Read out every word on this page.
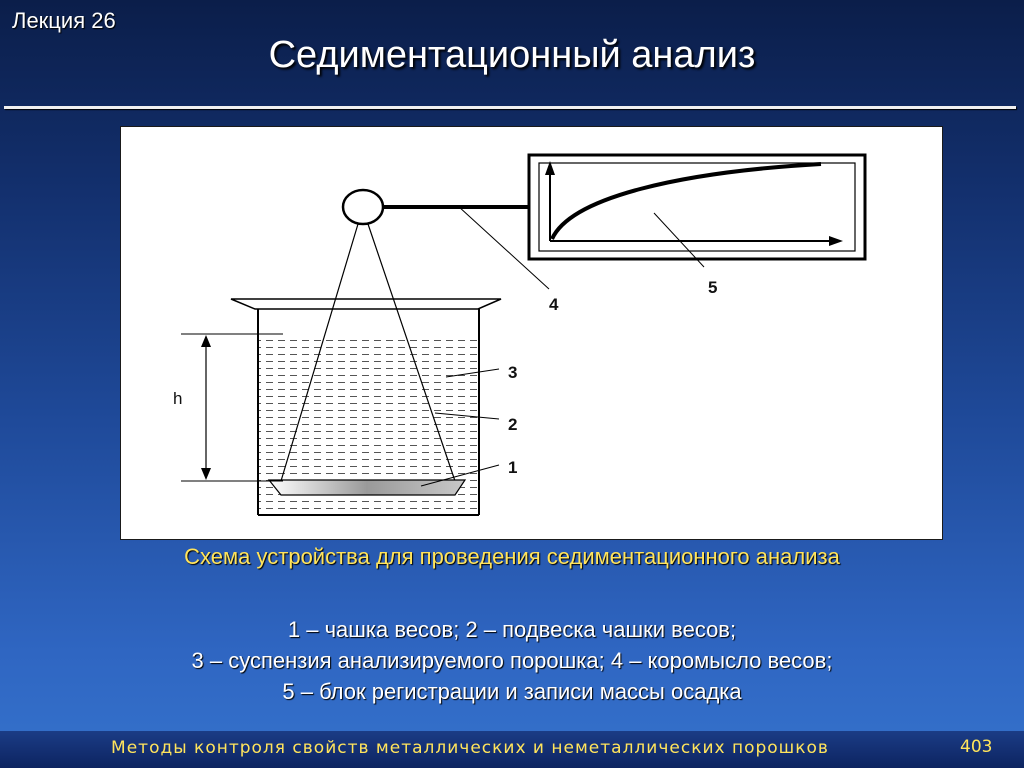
Лекция 26
Седиментационный анализ
4
5
3
2
1
h
Схема устройства для проведения седиментационного анализа
1 – чашка весов; 2 – подвеска чашки весов;
3 – суспензия анализируемого порошка; 4 – коромысло весов;
5 – блок регистрации и записи массы осадка
Методы контроля свойств металлических и неметаллических порошков	403
